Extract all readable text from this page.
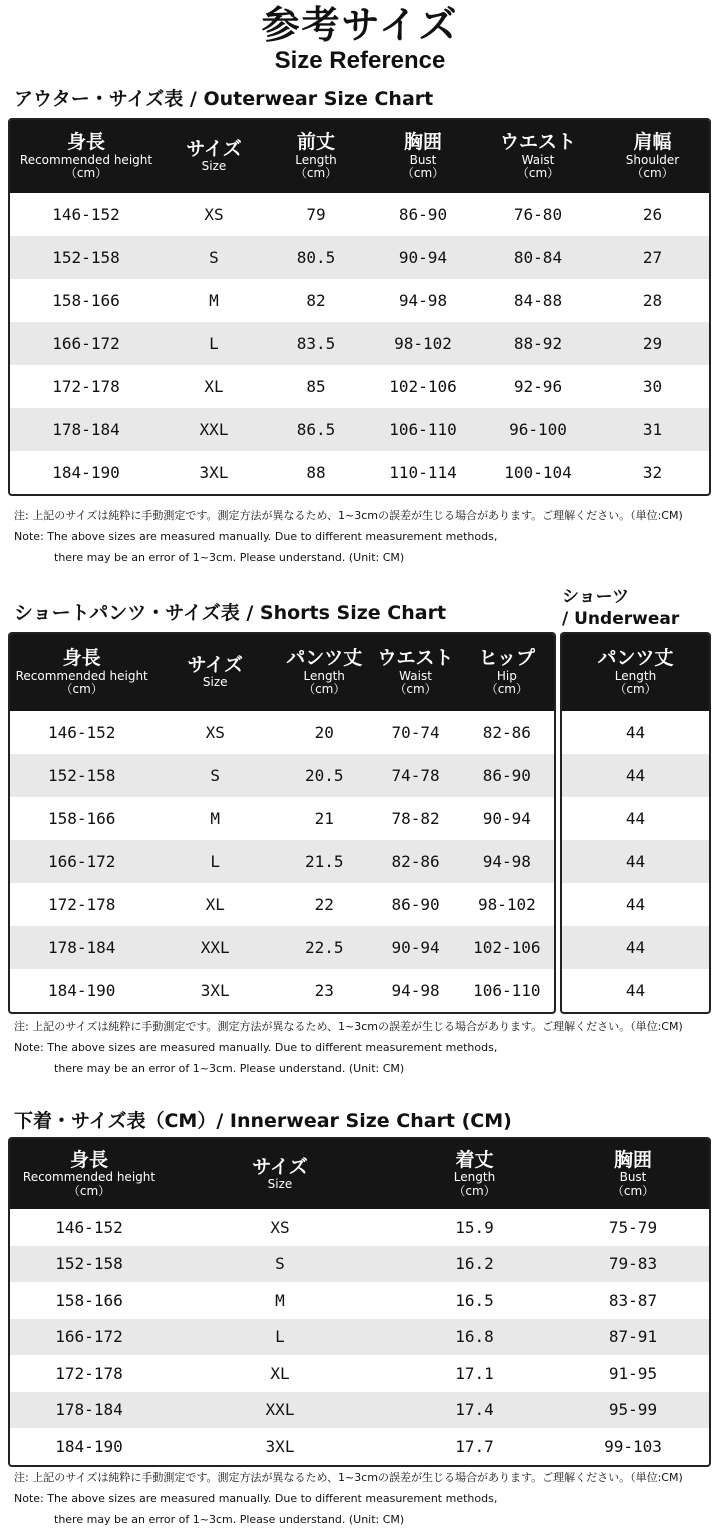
参考サイズ
Size Reference
アウター・サイズ表 / Outerwear Size Chart
身長
Recommended height
（cm）
サイズ
Size
前丈
Length
（cm）
胸囲
Bust
（cm）
ウエスト
Waist
（cm）
肩幅
Shoulder
（cm）
146-152	XS	79	86-90	76-80	26
152-158	S	80.5	90-94	80-84	27
158-166	M	82	94-98	84-88	28
166-172	L	83.5	98-102	88-92	29
172-178	XL	85	102-106	92-96	30
178-184	XXL	86.5	106-110	96-100	31
184-190	3XL	88	110-114	100-104	32
注: 上記のサイズは純粋に手動測定です。測定方法が異なるため、1~3cmの誤差が生じる場合があります。ご理解ください。（単位:CM)
Note: The above sizes are measured manually. Due to different measurement methods,
there may be an error of 1~3cm. Please understand. (Unit: CM)
ショートパンツ・サイズ表 / Shorts Size Chart
ショーツ
/ Underwear
身長
Recommended height
（cm）
サイズ
Size
パンツ丈
Length
（cm）
ウエスト
Waist
（cm）
ヒップ
Hip
（cm）
146-152	XS	20	70-74	82-86
152-158	S	20.5	74-78	86-90
158-166	M	21	78-82	90-94
166-172	L	21.5	82-86	94-98
172-178	XL	22	86-90	98-102
178-184	XXL	22.5	90-94	102-106
184-190	3XL	23	94-98	106-110
パンツ丈
Length
（cm）
44
44
44
44
44
44
44
注: 上記のサイズは純粋に手動測定です。測定方法が異なるため、1~3cmの誤差が生じる場合があります。ご理解ください。（単位:CM)
Note: The above sizes are measured manually. Due to different measurement methods,
there may be an error of 1~3cm. Please understand. (Unit: CM)
下着・サイズ表（CM）/ Innerwear Size Chart (CM)
身長
Recommended height
（cm）
サイズ
Size
着丈
Length
（cm）
胸囲
Bust
（cm）
146-152	XS	15.9	75-79
152-158	S	16.2	79-83
158-166	M	16.5	83-87
166-172	L	16.8	87-91
172-178	XL	17.1	91-95
178-184	XXL	17.4	95-99
184-190	3XL	17.7	99-103
注: 上記のサイズは純粋に手動測定です。測定方法が異なるため、1~3cmの誤差が生じる場合があります。ご理解ください。（単位:CM)
Note: The above sizes are measured manually. Due to different measurement methods,
there may be an error of 1~3cm. Please understand. (Unit: CM)
